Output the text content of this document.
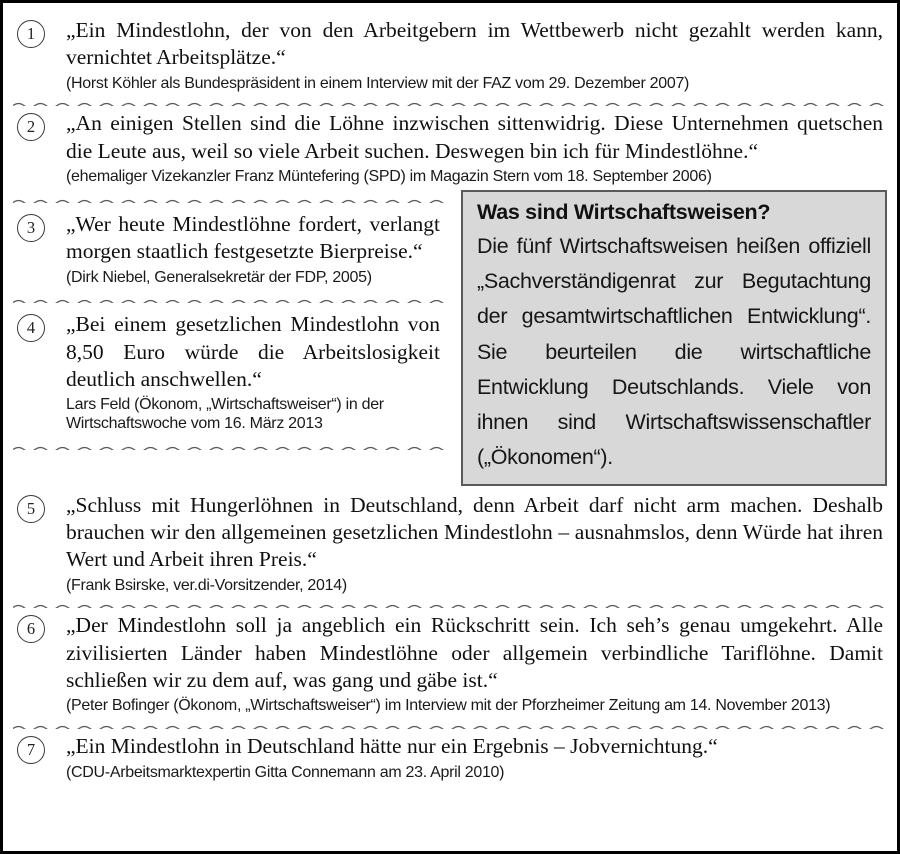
1	„Ein Mindestlohn, der von den Arbeitgebern im Wettbewerb nicht gezahlt werden kann, vernichtet Arbeitsplätze.“

(Horst Köhler als Bundespräsident in einem Interview mit der FAZ vom 29. Dezember 2007)

2	„An einigen Stellen sind die Löhne inzwischen sittenwidrig. Diese Unternehmen quetschen die Leute aus, weil so viele Arbeit suchen. Deswegen bin ich für Mindestlöhne.“

(ehemaliger Vizekanzler Franz Müntefering (SPD) im Magazin Stern vom 18. September 2006)

3	„Wer heute Mindestlöhne fordert, verlangt morgen staatlich festgesetzte Bierpreise.“

(Dirk Niebel, Generalsekretär der FDP, 2005)

4	„Bei einem gesetzlichen Mindestlohn von 8,50 Euro würde die Arbeitslosigkeit deutlich anschwellen.“

Lars Feld (Ökonom, „Wirtschaftsweiser“) in der Wirtschaftswoche vom 16. März 2013

Was sind Wirtschaftsweisen?

Die fünf Wirtschaftsweisen heißen offiziell „Sachverständigenrat zur Begutachtung der gesamtwirtschaftlichen Entwicklung“. Sie beurteilen die wirtschaftliche Entwicklung Deutschlands. Viele von ihnen sind Wirtschaftswissenschaftler („Ökonomen“).

5	„Schluss mit Hungerlöhnen in Deutschland, denn Arbeit darf nicht arm machen. Deshalb brauchen wir den allgemeinen gesetzlichen Mindestlohn – ausnahmslos, denn Würde hat ihren Wert und Arbeit ihren Preis.“

(Frank Bsirske, ver.di-Vorsitzender, 2014)

6	„Der Mindestlohn soll ja angeblich ein Rückschritt sein. Ich seh’s genau umgekehrt. Alle zivilisierten Länder haben Mindestlöhne oder allgemein verbindliche Tariflöhne. Damit schließen wir zu dem auf, was gang und gäbe ist.“

(Peter Bofinger (Ökonom, „Wirtschaftsweiser“) im Interview mit der Pforzheimer Zeitung am 14. November 2013)

7	„Ein Mindestlohn in Deutschland hätte nur ein Ergebnis – Jobvernichtung.“

(CDU-Arbeitsmarktexpertin Gitta Connemann am 23. April 2010)
